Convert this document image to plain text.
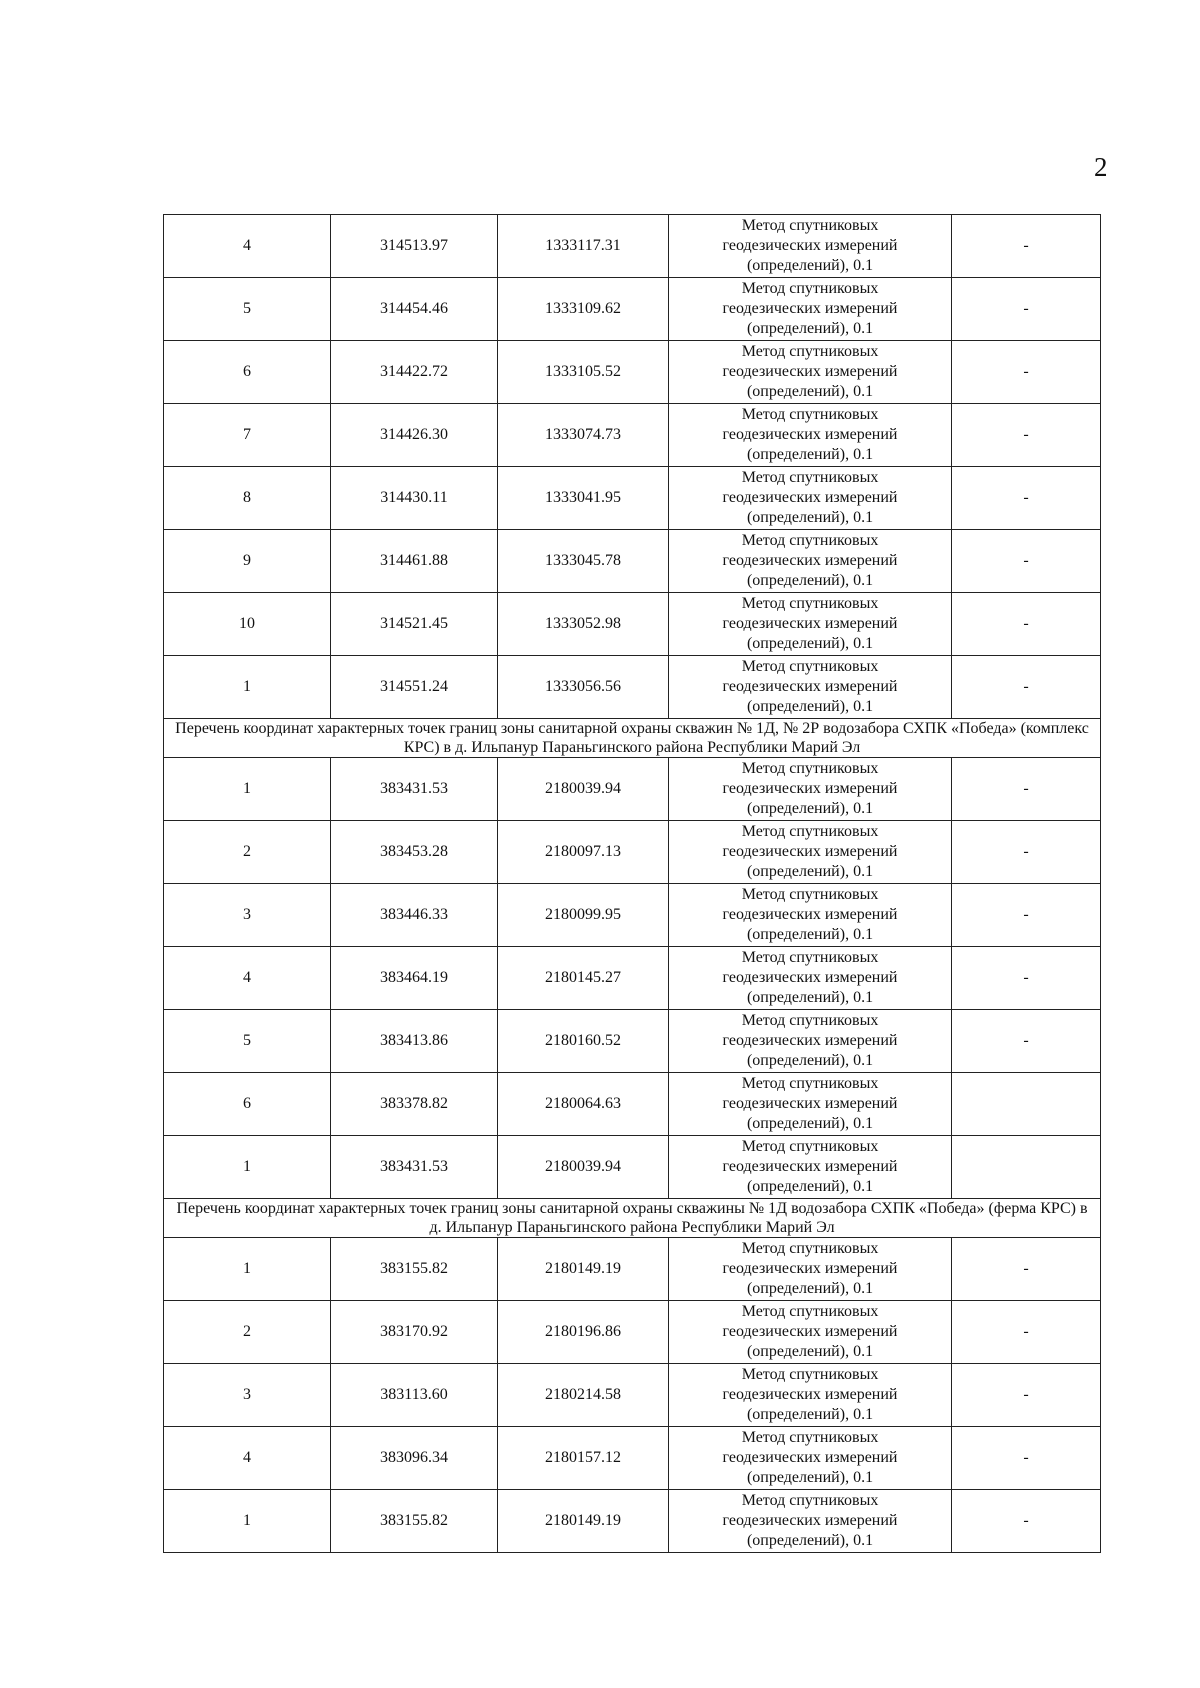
2
4	314513.97	1333117.31	Метод спутниковых
геодезических измерений
(определений), 0.1	-
5	314454.46	1333109.62	Метод спутниковых
геодезических измерений
(определений), 0.1	-
6	314422.72	1333105.52	Метод спутниковых
геодезических измерений
(определений), 0.1	-
7	314426.30	1333074.73	Метод спутниковых
геодезических измерений
(определений), 0.1	-
8	314430.11	1333041.95	Метод спутниковых
геодезических измерений
(определений), 0.1	-
9	314461.88	1333045.78	Метод спутниковых
геодезических измерений
(определений), 0.1	-
10	314521.45	1333052.98	Метод спутниковых
геодезических измерений
(определений), 0.1	-
1	314551.24	1333056.56	Метод спутниковых
геодезических измерений
(определений), 0.1	-
Перечень координат характерных точек границ зоны санитарной охраны скважин № 1Д, № 2Р водозабора СХПК «Победа» (комплекс КРС) в д. Ильпанур Параньгинского района Республики Марий Эл				
1	383431.53	2180039.94	Метод спутниковых
геодезических измерений
(определений), 0.1	-
2	383453.28	2180097.13	Метод спутниковых
геодезических измерений
(определений), 0.1	-
3	383446.33	2180099.95	Метод спутниковых
геодезических измерений
(определений), 0.1	-
4	383464.19	2180145.27	Метод спутниковых
геодезических измерений
(определений), 0.1	-
5	383413.86	2180160.52	Метод спутниковых
геодезических измерений
(определений), 0.1	-
6	383378.82	2180064.63	Метод спутниковых
геодезических измерений
(определений), 0.1	

1	383431.53	2180039.94	Метод спутниковых
геодезических измерений
(определений), 0.1	

Перечень координат характерных точек границ зоны санитарной охраны скважины № 1Д водозабора СХПК «Победа» (ферма КРС) в д. Ильпанур Параньгинского района Республики Марий Эл				
1	383155.82	2180149.19	Метод спутниковых
геодезических измерений
(определений), 0.1	-
2	383170.92	2180196.86	Метод спутниковых
геодезических измерений
(определений), 0.1	-
3	383113.60	2180214.58	Метод спутниковых
геодезических измерений
(определений), 0.1	-
4	383096.34	2180157.12	Метод спутниковых
геодезических измерений
(определений), 0.1	-
1	383155.82	2180149.19	Метод спутниковых
геодезических измерений
(определений), 0.1	-
